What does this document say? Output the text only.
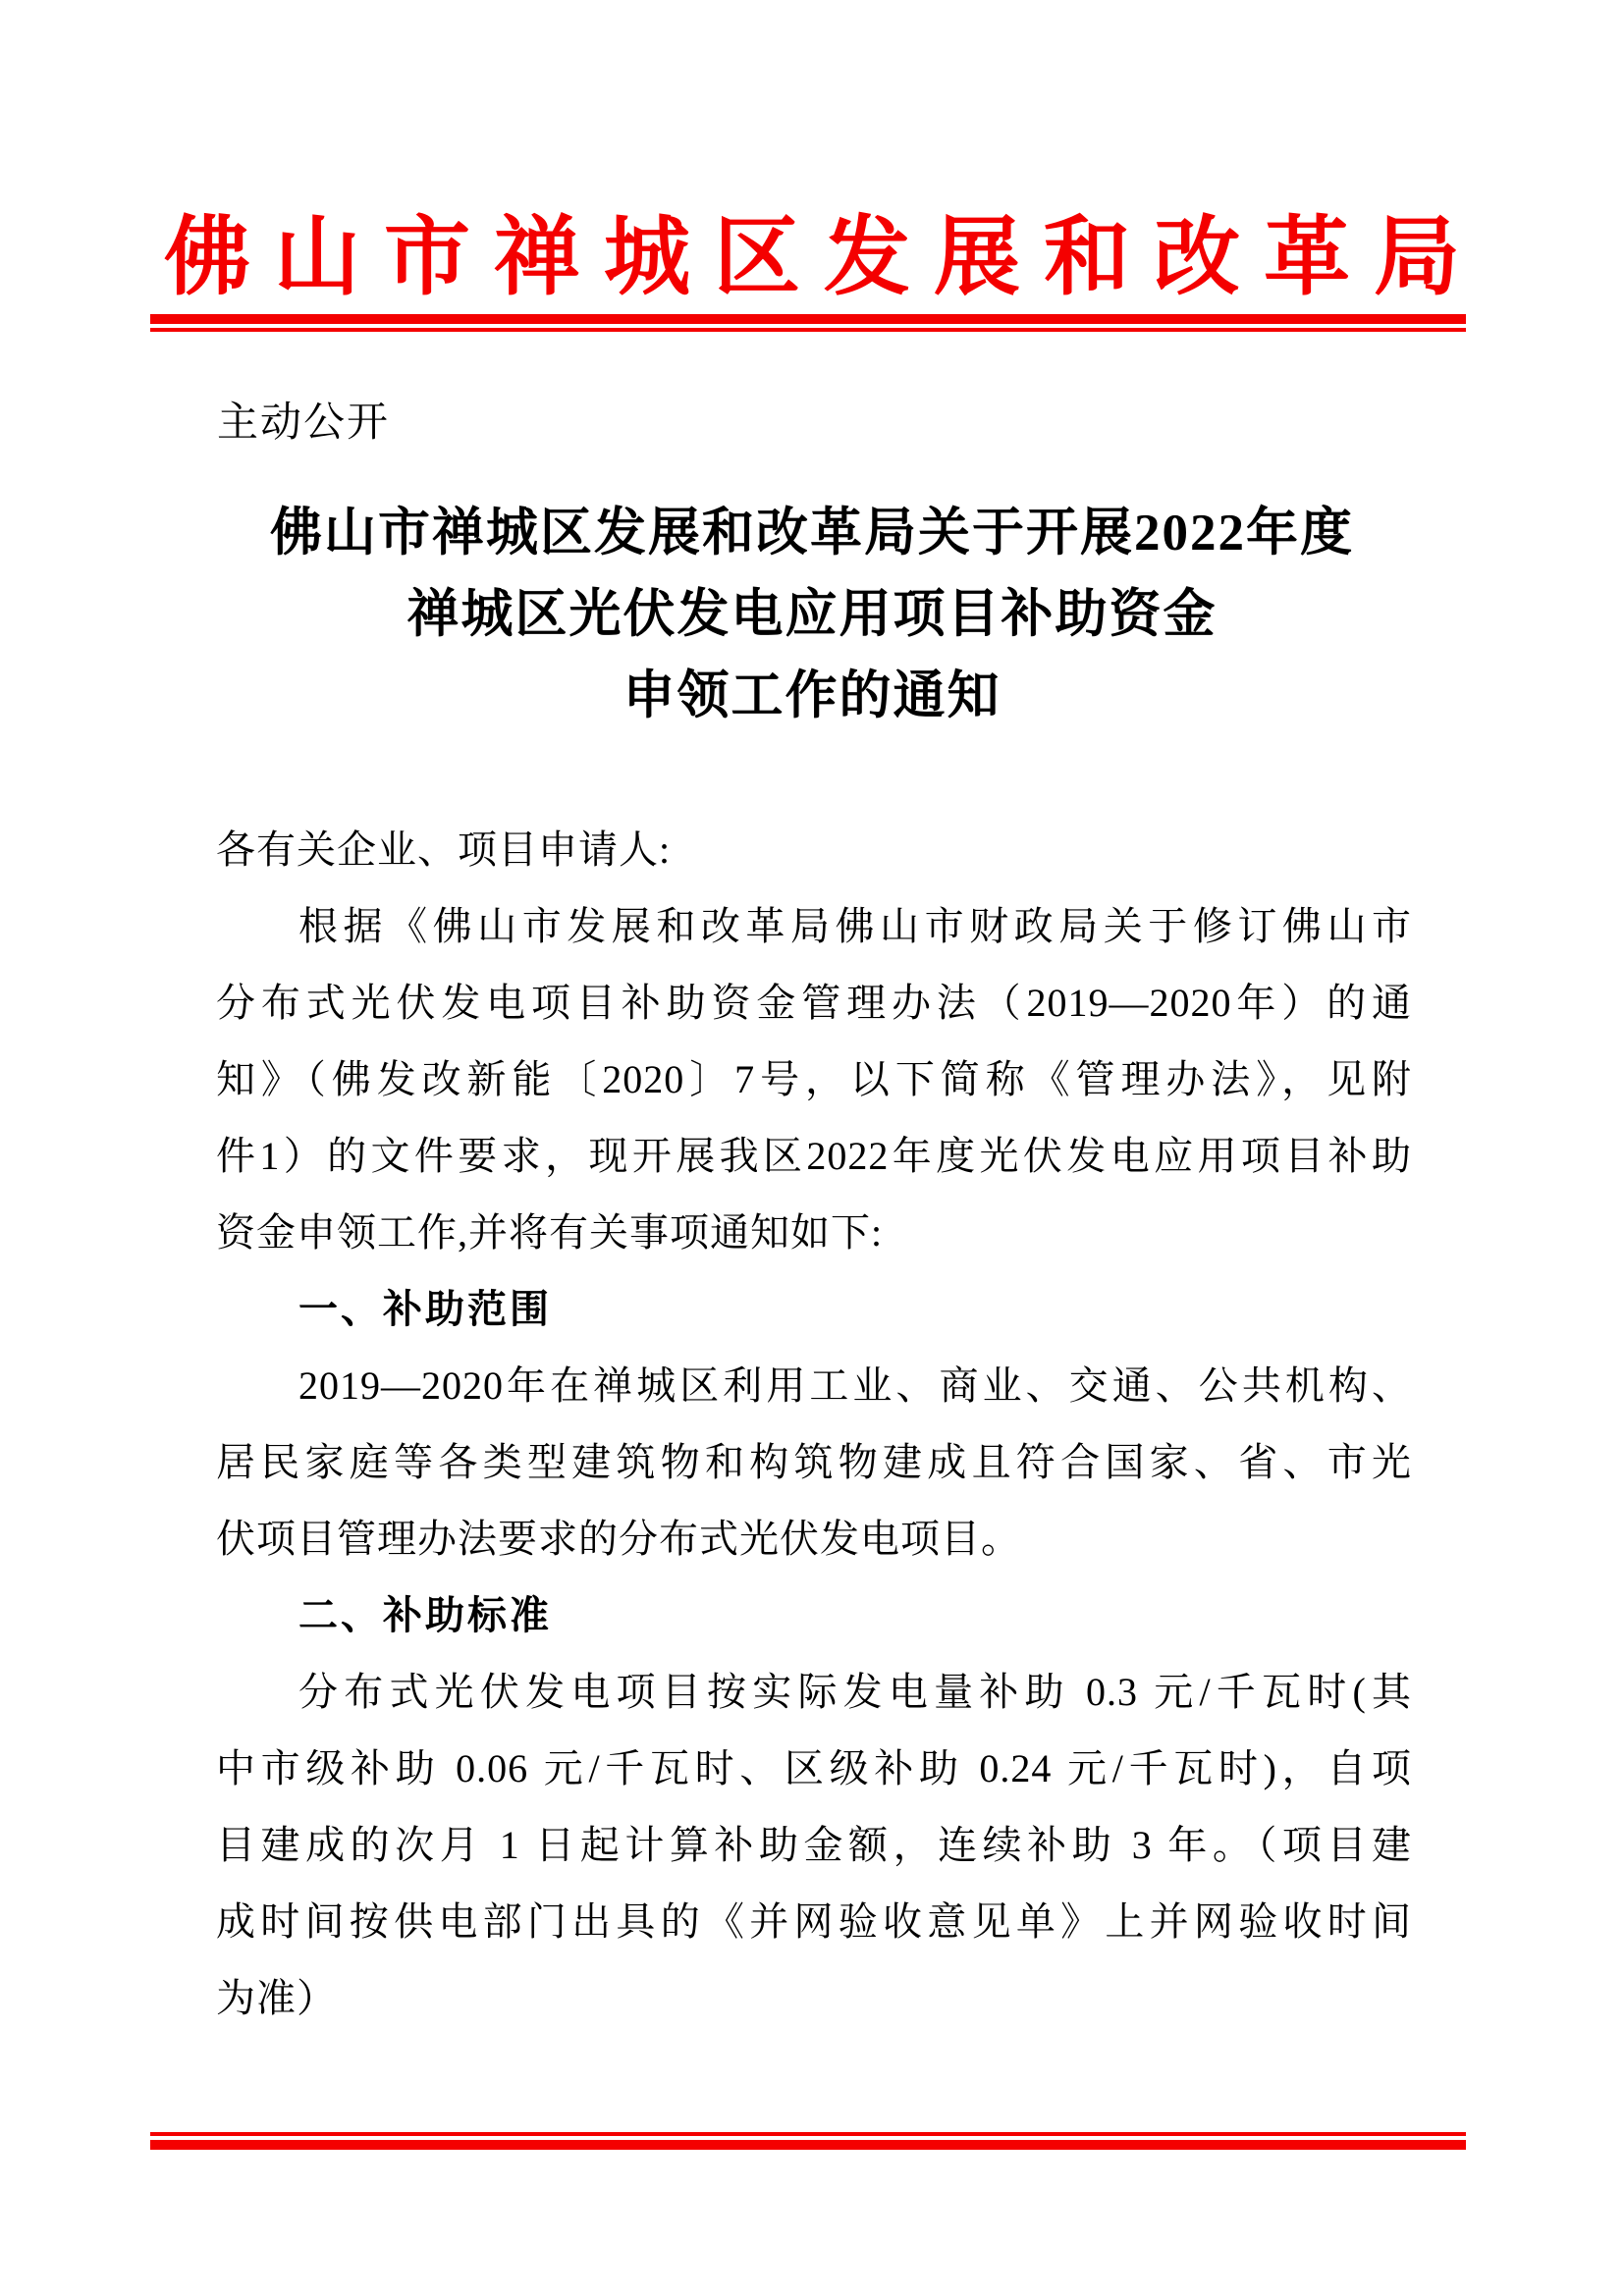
佛山市禅城区发展和改革局
主动公开
佛山市禅城区发展和改革局关于开展2022年度
禅城区光伏发电应用项目补助资金
申领工作的通知
各有关企业、项目申请人:
根据《佛山市发展和改革局佛山市财政局关于修订佛山市
分布式光伏发电项目补助资金管理办法（2019—2020年）的通
知》（佛发改新能〔2020〕7号，以下简称《管理办法》，见附
件1）的文件要求，现开展我区2022年度光伏发电应用项目补助
资金申领工作,并将有关事项通知如下:
一、补助范围
2019—2020年在禅城区利用工业、商业、交通、公共机构、
居民家庭等各类型建筑物和构筑物建成且符合国家、省、市光
伏项目管理办法要求的分布式光伏发电项目。
二、补助标准
分布式光伏发电项目按实际发电量补助 0.3 元/千瓦时(其
中市级补助 0.06 元/千瓦时、区级补助 0.24 元/千瓦时)，自项
目建成的次月 1 日起计算补助金额，连续补助 3 年。（项目建
成时间按供电部门出具的《并网验收意见单》上并网验收时间
为准）
